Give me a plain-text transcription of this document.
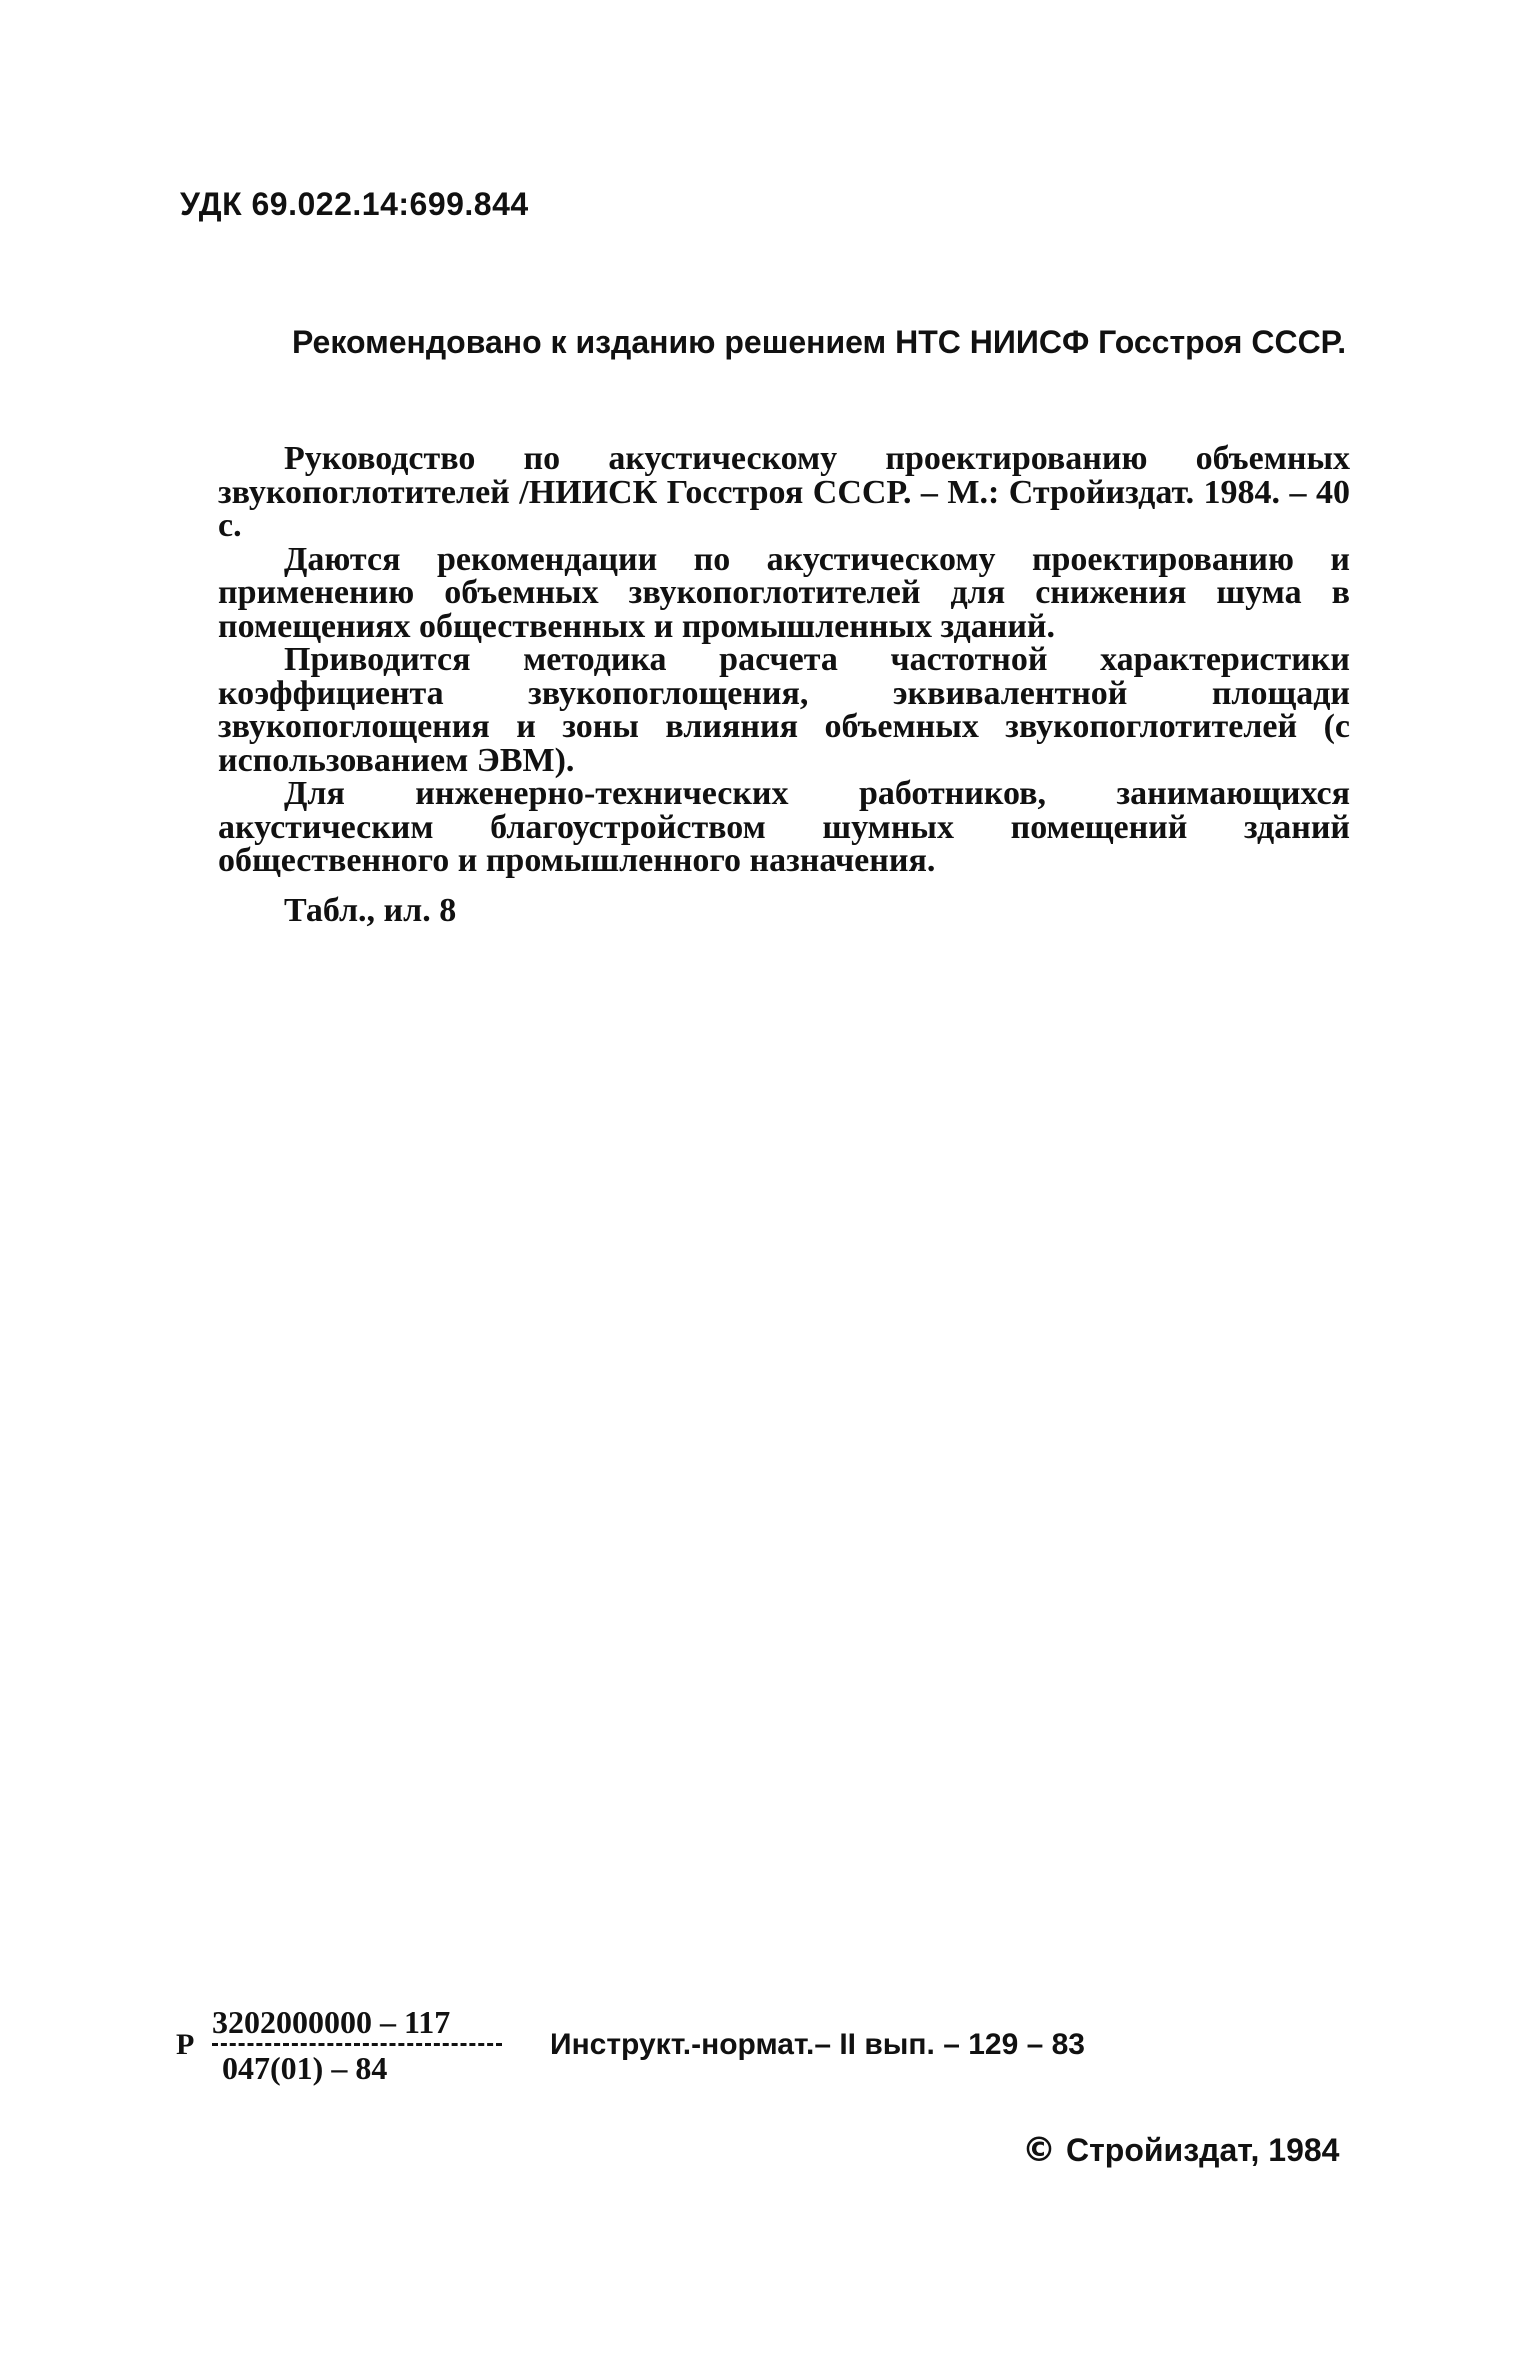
УДК 69.022.14:699.844
Рекомендовано к изданию решением НТС НИИСФ Госстроя СССР.

Руководство по акустическому проектированию объемных звукопоглотителей /НИИСК Госстроя СССР. – М.: Стройиздат. 1984. – 40 с.

Даются рекомендации по акустическому проектированию и применению объемных звукопоглотителей для снижения шума в помещениях общественных и промышленных зданий.

Приводится методика расчета частотной характеристики коэффициента звукопоглощения, эквивалентной площади звукопоглощения и зоны влияния объемных звукопоглотителей (с использованием ЭВМ).

Для инженерно-технических работников, занимающихся акустическим благоустройством шумных помещений зданий общественного и промышленного назначения.

Табл., ил. 8

Р
$\frac{3202000000 - 117}{047(01) - 84}$
Инструкт.-нормат.– II вып. – 129 – 83
© Стройиздат, 1984
